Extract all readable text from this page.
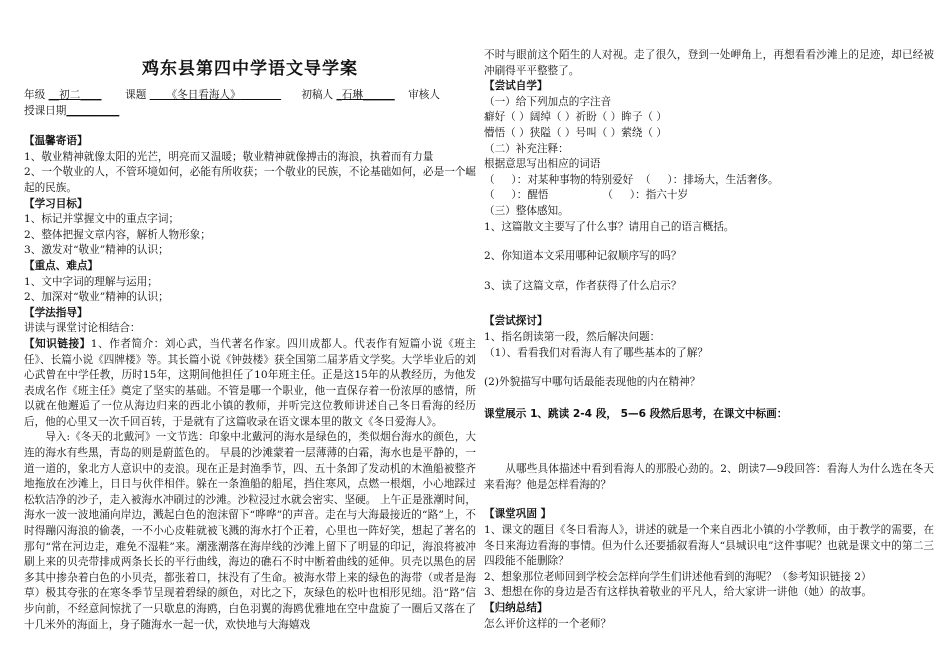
鸡东县第四中学语文导学案
年级 __初二____ 课题 《冬日看海人》	初稿人 _石琳______ 审核人
授课日期__________

【温馨寄语】

1、敬业精神就像太阳的光芒，明亮而又温暖；敬业精神就像搏击的海浪，执着而有力量

2、一个敬业的人，不管环境如何，必能有所收获；一个敬业的民族，不论基础如何，必是一个崛起的民族。

【学习目标】

1、标记并掌握文中的重点字词；

2、整体把握文章内容，解析人物形象；

3、激发对“敬业”精神的认识；

【重点、难点】

1、文中字词的理解与运用；

2、加深对“敬业”精神的认识；

【学法指导】

讲读与课堂讨论相结合：

【知识链接】1、作者简介：刘心武，当代著名作家。四川成都人。代表作有短篇小说《班主任》、长篇小说《四牌楼》等。其长篇小说《钟鼓楼》获全国第二届茅盾文学奖。大学毕业后的刘心武曾在中学任教，历时15年，这期间他担任了10年班主任。正是这15年的从教经历，为他发表成名作《班主任》奠定了坚实的基础。不管是哪一个职业，他一直保存着一份浓厚的感情，所以就在他邂逅了一位从海边归来的西北小镇的教师，并听完这位教师讲述自己冬日看海的经历后，他的心里又一次千回百转，于是就有了这篇收录在语文课本里的散文《冬日爱海人》。

导入:《冬天的北戴河》一文节选：印象中北戴河的海水是绿色的，类似烟台海水的颜色，大连的海水有些黑，青岛的则是蔚蓝色的。 早晨的沙滩蒙着一层薄薄的白霜，海水也是平静的，一道一道的，象北方人意识中的麦浪。现在正是封渔季节，四、五十条卸了发动机的木渔船被整齐地拖放在沙滩上，日日与伙伴相伴。躲在一条渔船的船尾，挡住寒风，点燃一根烟，小心地踩过松软洁净的沙子，走入被海水冲刷过的沙滩。沙粒浸过水就会密实、坚硬。 上午正是涨潮时间，海水一波一波地涌向岸边，溅起白色的泡沫留下“哗哗”的声音。走在与大海最接近的“路”上，不时得蹦闪海浪的偷袭，一不小心皮鞋就被飞溅的海水打个正着，心里也一阵好笑，想起了著名的那句“常在河边走，难免不湿鞋”来。潮涨潮落在海岸线的沙滩上留下了明显的印记，海浪将被冲刷上来的贝壳带排成两条长长的平行曲线，海边的礁石不时中断着曲线的延伸。贝壳以黑色的居多其中掺杂着白色的小贝壳，都张着口，抹没有了生命。被海水带上来的绿色的海带（或者是海草）极其夸张的在寒冬季节呈现着碧绿的颜色，对比之下，灰绿色的松叶也相形见绌。沿“路”信步向前，不经意间惊扰了一只歇息的海鸥，白色羽翼的海鸥优雅地在空中盘旋了一圈后又落在了十几米外的海面上，身子随海水一起一伏，欢快地与大海嬉戏

不时与眼前这个陌生的人对视。走了很久，登到一处岬角上，再想看看沙滩上的足迹，却已经被冲刷得平平整整了。

【尝试自学】

（一）给下列加点的字注音

癖好（ ）阔绰（ ）祈盼（ ）眸子（ ）

懵悟（ ）狭隘（ ）号叫（ ）萦绕（ ）

（二）补充注释：

根据意思写出相应的词语

（     ）：对某种事物的特别爱好  （     ）：排场大，生活奢侈。

（     ）：醒悟                （     ）：指六十岁

（三）整体感知。

1、这篇散文主要写了什么事？请用自己的语言概括。

2、你知道本文采用哪种记叙顺序写的吗？

3、读了这篇文章，作者获得了什么启示？

【尝试探讨】

1、指名朗读第一段，然后解决问题：

（1）、看看我们对看海人有了哪些基本的了解？

(2)外貌描写中哪句话最能表现他的内在精神？

课堂展示 1、跳读 2-4 段， 5—6 段然后思考，在课文中标画：

从哪些具体描述中看到看海人的那股心劲的。2、朗读7—9段回答：看海人为什么选在冬天来看海？他是怎样看海的？

【课堂巩固 】

1、课文的题目《冬日看海人》，讲述的就是一个来自西北小镇的小学教师，由于教学的需要，在冬日来海边看海的事情。但为什么还要插叙看海人“县城识电”这件事呢？也就是课文中的第二三四段能不能删除？

2、想象那位老师回到学校会怎样向学生们讲述他看到的海呢？（参考知识链接 2）

3、想想在你的身边是否有这样执着敬业的平凡人，给大家讲一讲他（她）的故事。

【归纳总结】

怎么评价这样的一个老师？
